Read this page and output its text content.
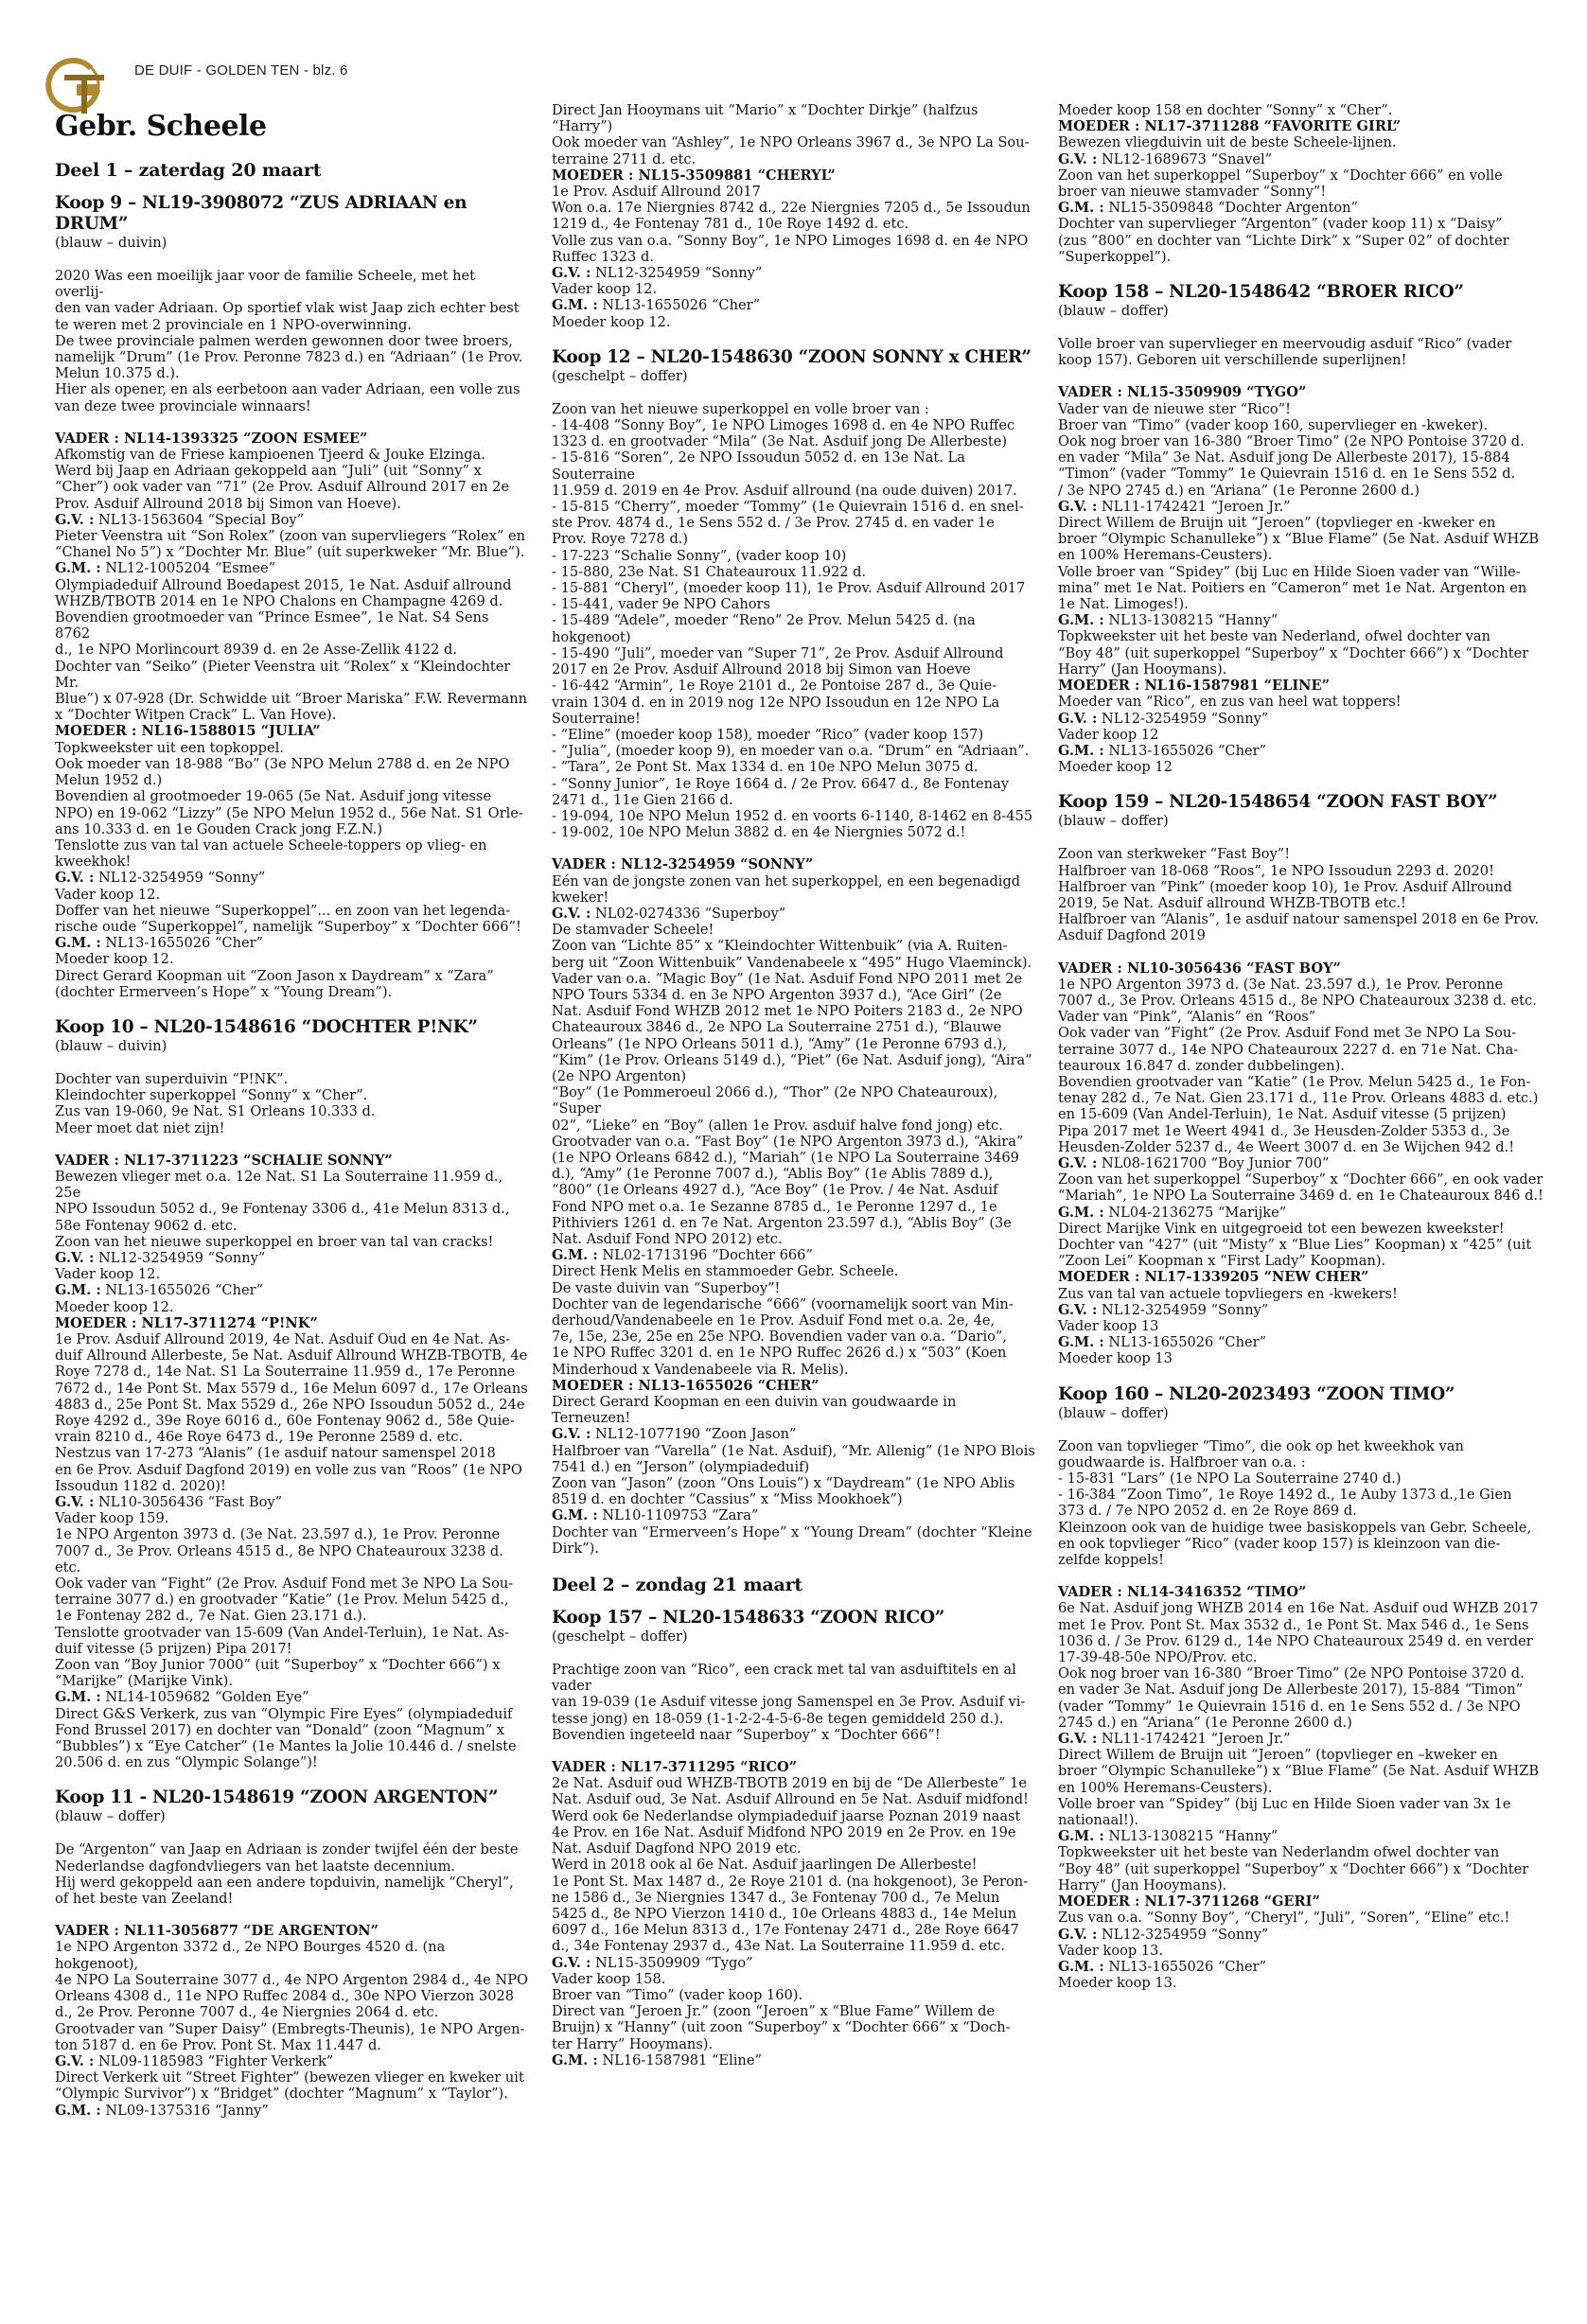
DE DUIF - GOLDEN TEN - blz. 6
Gebr. Scheele
Deel 1 – zaterdag 20 maart
Koop 9 – NL19-3908072 “ZUS ADRIAAN en DRUM”
(blauw – duivin)

2020 Was een moeilijk jaar voor de familie Scheele, met het overlij-

den van vader Adriaan. Op sportief vlak wist Jaap zich echter best

te weren met 2 provinciale en 1 NPO-overwinning.

De twee provinciale palmen werden gewonnen door twee broers,

namelijk “Drum” (1e Prov. Peronne 7823 d.) en “Adriaan” (1e Prov.

Melun 10.375 d.).

Hier als opener, en als eerbetoon aan vader Adriaan, een volle zus

van deze twee provinciale winnaars!

VADER : NL14-1393325 “ZOON ESMEE”

Afkomstig van de Friese kampioenen Tjeerd & Jouke Elzinga.

Werd bij Jaap en Adriaan gekoppeld aan “Juli” (uit “Sonny” x

“Cher”) ook vader van “71” (2e Prov. Asduif Allround 2017 en 2e

Prov. Asduif Allround 2018 bij Simon van Hoeve).

G.V. : NL13-1563604 “Special Boy”

Pieter Veenstra uit “Son Rolex” (zoon van supervliegers “Rolex” en

“Chanel No 5”) x “Dochter Mr. Blue” (uit superkweker “Mr. Blue”).

G.M. : NL12-1005204 “Esmee”

Olympiadeduif Allround Boedapest 2015, 1e Nat. Asduif allround

WHZB/TBOTB 2014 en 1e NPO Chalons en Champagne 4269 d.

Bovendien grootmoeder van “Prince Esmee”, 1e Nat. S4 Sens 8762

d., 1e NPO Morlincourt 8939 d. en 2e Asse-Zellik 4122 d.

Dochter van “Seiko” (Pieter Veenstra uit “Rolex” x “Kleindochter Mr.

Blue”) x 07-928 (Dr. Schwidde uit “Broer Mariska” F.W. Revermann

x “Dochter Witpen Crack” L. Van Hove).

MOEDER : NL16-1588015 “JULIA”

Topkweekster uit een topkoppel.

Ook moeder van 18-988 “Bo” (3e NPO Melun 2788 d. en 2e NPO

Melun 1952 d.)

Bovendien al grootmoeder 19-065 (5e Nat. Asduif jong vitesse

NPO) en 19-062 “Lizzy” (5e NPO Melun 1952 d., 56e Nat. S1 Orle-

ans 10.333 d. en 1e Gouden Crack jong F.Z.N.)

Tenslotte zus van tal van actuele Scheele-toppers op vlieg- en

kweekhok!

G.V. : NL12-3254959 “Sonny”

Vader koop 12.

Doffer van het nieuwe “Superkoppel”... en zoon van het legenda-

rische oude “Superkoppel”, namelijk “Superboy” x “Dochter 666”!

G.M. : NL13-1655026 “Cher”

Moeder koop 12.

Direct Gerard Koopman uit “Zoon Jason x Daydream” x “Zara”

(dochter Ermerveen’s Hope” x “Young Dream”).

Koop 10 – NL20-1548616 “DOCHTER P!NK”
(blauw – duivin)

Dochter van superduivin “P!NK”.

Kleindochter superkoppel “Sonny” x “Cher”.

Zus van 19-060, 9e Nat. S1 Orleans 10.333 d.

Meer moet dat niet zijn!

VADER : NL17-3711223 “SCHALIE SONNY”

Bewezen vlieger met o.a. 12e Nat. S1 La Souterraine 11.959 d., 25e

NPO Issoudun 5052 d., 9e Fontenay 3306 d., 41e Melun 8313 d.,

58e Fontenay 9062 d. etc.

Zoon van het nieuwe superkoppel en broer van tal van cracks!

G.V. : NL12-3254959 “Sonny”

Vader koop 12.

G.M. : NL13-1655026 “Cher”

Moeder koop 12.

MOEDER : NL17-3711274 “P!NK”

1e Prov. Asduif Allround 2019, 4e Nat. Asduif Oud en 4e Nat. As-

duif Allround Allerbeste, 5e Nat. Asduif Allround WHZB-TBOTB, 4e

Roye 7278 d., 14e Nat. S1 La Souterraine 11.959 d., 17e Peronne

7672 d., 14e Pont St. Max 5579 d., 16e Melun 6097 d., 17e Orleans

4883 d., 25e Pont St. Max 5529 d., 26e NPO Issoudun 5052 d., 24e

Roye 4292 d., 39e Roye 6016 d., 60e Fontenay 9062 d., 58e Quie-

vrain 8210 d., 46e Roye 6473 d., 19e Peronne 2589 d. etc.

Nestzus van 17-273 “Alanis” (1e asduif natour samenspel 2018

en 6e Prov. Asduif Dagfond 2019) en volle zus van “Roos” (1e NPO

Issoudun 1182 d. 2020)!

G.V. : NL10-3056436 “Fast Boy”

Vader koop 159.

1e NPO Argenton 3973 d. (3e Nat. 23.597 d.), 1e Prov. Peronne

7007 d., 3e Prov. Orleans 4515 d., 8e NPO Chateauroux 3238 d. etc.

Ook vader van “Fight” (2e Prov. Asduif Fond met 3e NPO La Sou-

terraine 3077 d.) en grootvader “Katie” (1e Prov. Melun 5425 d.,

1e Fontenay 282 d., 7e Nat. Gien 23.171 d.).

Tenslotte grootvader van 15-609 (Van Andel-Terluin), 1e Nat. As-

duif vitesse (5 prijzen) Pipa 2017!

Zoon van “Boy Junior 7000” (uit “Superboy” x “Dochter 666”) x

“Marijke” (Marijke Vink).

G.M. : NL14-1059682 “Golden Eye”

Direct G&S Verkerk, zus van “Olympic Fire Eyes” (olympiadeduif

Fond Brussel 2017) en dochter van “Donald” (zoon “Magnum” x

“Bubbles”) x “Eye Catcher” (1e Mantes la Jolie 10.446 d. / snelste

20.506 d. en zus “Olympic Solange”)!

Koop 11 - NL20-1548619 “ZOON ARGENTON”
(blauw – doffer)

De “Argenton” van Jaap en Adriaan is zonder twijfel één der beste

Nederlandse dagfondvliegers van het laatste decennium.

Hij werd gekoppeld aan een andere topduivin, namelijk “Cheryl”,

of het beste van Zeeland!

VADER : NL11-3056877 “DE ARGENTON”

1e NPO Argenton 3372 d., 2e NPO Bourges 4520 d. (na hokgenoot),

4e NPO La Souterraine 3077 d., 4e NPO Argenton 2984 d., 4e NPO

Orleans 4308 d., 11e NPO Ruffec 2084 d., 30e NPO Vierzon 3028

d., 2e Prov. Peronne 7007 d., 4e Niergnies 2064 d. etc.

Grootvader van “Super Daisy” (Embregts-Theunis), 1e NPO Argen-

ton 5187 d. en 6e Prov. Pont St. Max 11.447 d.

G.V. : NL09-1185983 “Fighter Verkerk”

Direct Verkerk uit “Street Fighter” (bewezen vlieger en kweker uit

“Olympic Survivor”) x “Bridget” (dochter “Magnum” x “Taylor”).

G.M. : NL09-1375316 “Janny”

Direct Jan Hooymans uit “Mario” x “Dochter Dirkje” (halfzus “Harry”)

Ook moeder van “Ashley”, 1e NPO Orleans 3967 d., 3e NPO La Sou-

terraine 2711 d. etc.

MOEDER : NL15-3509881 “CHERYL”

1e Prov. Asduif Allround 2017

Won o.a. 17e Niergnies 8742 d., 22e Niergnies 7205 d., 5e Issoudun

1219 d., 4e Fontenay 781 d., 10e Roye 1492 d. etc.

Volle zus van o.a. “Sonny Boy”, 1e NPO Limoges 1698 d. en 4e NPO

Ruffec 1323 d.

G.V. : NL12-3254959 “Sonny”

Vader koop 12.

G.M. : NL13-1655026 “Cher”

Moeder koop 12.

Koop 12 – NL20-1548630 “ZOON SONNY x CHER”
(geschelpt – doffer)

Zoon van het nieuwe superkoppel en volle broer van :

- 14-408 “Sonny Boy”, 1e NPO Limoges 1698 d. en 4e NPO Ruffec

1323 d. en grootvader “Mila” (3e Nat. Asduif jong De Allerbeste)

- 15-816 “Soren”, 2e NPO Issoudun 5052 d. en 13e Nat. La Souterraine

11.959 d. 2019 en 4e Prov. Asduif allround (na oude duiven) 2017.

- 15-815 “Cherry”, moeder “Tommy” (1e Quievrain 1516 d. en snel-

ste Prov. 4874 d., 1e Sens 552 d. / 3e Prov. 2745 d. en vader 1e

Prov. Roye 7278 d.)

- 17-223 “Schalie Sonny”, (vader koop 10)

- 15-880, 23e Nat. S1 Chateauroux 11.922 d.

- 15-881 “Cheryl”, (moeder koop 11), 1e Prov. Asduif Allround 2017

- 15-441, vader 9e NPO Cahors

- 15-489 “Adele”, moeder “Reno” 2e Prov. Melun 5425 d. (na

hokgenoot)

- 15-490 “Juli”, moeder van “Super 71”, 2e Prov. Asduif Allround

2017 en 2e Prov. Asduif Allround 2018 bij Simon van Hoeve

- 16-442 “Armin”, 1e Roye 2101 d., 2e Pontoise 287 d., 3e Quie-

vrain 1304 d. en in 2019 nog 12e NPO Issoudun en 12e NPO La

Souterraine!

- “Eline” (moeder koop 158), moeder “Rico” (vader koop 157)

- “Julia”, (moeder koop 9), en moeder van o.a. “Drum” en “Adriaan”.

- “Tara”, 2e Pont St. Max 1334 d. en 10e NPO Melun 3075 d.

- “Sonny Junior”, 1e Roye 1664 d. / 2e Prov. 6647 d., 8e Fontenay

2471 d., 11e Gien 2166 d.

- 19-094, 10e NPO Melun 1952 d. en voorts 6-1140, 8-1462 en 8-455

- 19-002, 10e NPO Melun 3882 d. en 4e Niergnies 5072 d.!

VADER : NL12-3254959 “SONNY”

Eén van de jongste zonen van het superkoppel, en een begenadigd

kweker!

G.V. : NL02-0274336 “Superboy”

De stamvader Scheele!

Zoon van “Lichte 85” x “Kleindochter Wittenbuik” (via A. Ruiten-

berg uit “Zoon Wittenbuik” Vandenabeele x “495” Hugo Vlaeminck).

Vader van o.a. “Magic Boy” (1e Nat. Asduif Fond NPO 2011 met 2e

NPO Tours 5334 d. en 3e NPO Argenton 3937 d.), “Ace Girl” (2e

Nat. Asduif Fond WHZB 2012 met 1e NPO Poiters 2183 d., 2e NPO

Chateauroux 3846 d., 2e NPO La Souterraine 2751 d.), “Blauwe

Orleans” (1e NPO Orleans 5011 d.), “Amy” (1e Peronne 6793 d.),

“Kim” (1e Prov. Orleans 5149 d.), “Piet” (6e Nat. Asduif jong), “Aira”

(2e NPO Argenton)

“Boy” (1e Pommeroeul 2066 d.), “Thor” (2e NPO Chateauroux), “Super

02”, “Lieke” en “Boy” (allen 1e Prov. asduif halve fond jong) etc.

Grootvader van o.a. “Fast Boy” (1e NPO Argenton 3973 d.), “Akira”

(1e NPO Orleans 6842 d.), “Mariah” (1e NPO La Souterraine 3469

d.), “Amy” (1e Peronne 7007 d.), “Ablis Boy” (1e Ablis 7889 d.),

“800” (1e Orleans 4927 d.), “Ace Boy” (1e Prov. / 4e Nat. Asduif

Fond NPO met o.a. 1e Sezanne 8785 d., 1e Peronne 1297 d., 1e

Pithiviers 1261 d. en 7e Nat. Argenton 23.597 d.), “Ablis Boy” (3e

Nat. Asduif Fond NPO 2012) etc.

G.M. : NL02-1713196 “Dochter 666”

Direct Henk Melis en stammoeder Gebr. Scheele.

De vaste duivin van “Superboy”!

Dochter van de legendarische “666” (voornamelijk soort van Min-

derhoud/Vandenabeele en 1e Prov. Asduif Fond met o.a. 2e, 4e,

7e, 15e, 23e, 25e en 25e NPO. Bovendien vader van o.a. “Dario”,

1e NPO Ruffec 3201 d. en 1e NPO Ruffec 2626 d.) x “503” (Koen

Minderhoud x Vandenabeele via R. Melis).

MOEDER : NL13-1655026 “CHER”

Direct Gerard Koopman en een duivin van goudwaarde in Terneuzen!

G.V. : NL12-1077190 “Zoon Jason”

Halfbroer van “Varella” (1e Nat. Asduif), “Mr. Allenig” (1e NPO Blois

7541 d.) en “Jerson” (olympiadeduif)

Zoon van “Jason” (zoon “Ons Louis”) x “Daydream” (1e NPO Ablis

8519 d. en dochter “Cassius” x “Miss Mookhoek”)

G.M. : NL10-1109753 “Zara”

Dochter van “Ermerveen’s Hope” x “Young Dream” (dochter “Kleine

Dirk”).

Deel 2 – zondag 21 maart
Koop 157 – NL20-1548633 “ZOON RICO”
(geschelpt – doffer)

Prachtige zoon van “Rico”, een crack met tal van asduiftitels en al vader

van 19-039 (1e Asduif vitesse jong Samenspel en 3e Prov. Asduif vi-

tesse jong) en 18-059 (1-1-2-2-4-5-6-8e tegen gemiddeld 250 d.).

Bovendien ingeteeld naar “Superboy” x “Dochter 666”!

VADER : NL17-3711295 “RICO”

2e Nat. Asduif oud WHZB-TBOTB 2019 en bij de “De Allerbeste” 1e

Nat. Asduif oud, 3e Nat. Asduif Allround en 5e Nat. Asduif midfond!

Werd ook 6e Nederlandse olympiadeduif jaarse Poznan 2019 naast

4e Prov. en 16e Nat. Asduif Midfond NPO 2019 en 2e Prov. en 19e

Nat. Asduif Dagfond NPO 2019 etc.

Werd in 2018 ook al 6e Nat. Asduif jaarlingen De Allerbeste!

1e Pont St. Max 1487 d., 2e Roye 2101 d. (na hokgenoot), 3e Peron-

ne 1586 d., 3e Niergnies 1347 d., 3e Fontenay 700 d., 7e Melun

5425 d., 8e NPO Vierzon 1410 d., 10e Orleans 4883 d., 14e Melun

6097 d., 16e Melun 8313 d., 17e Fontenay 2471 d., 28e Roye 6647

d., 34e Fontenay 2937 d., 43e Nat. La Souterraine 11.959 d. etc.

G.V. : NL15-3509909 “Tygo”

Vader koop 158.

Broer van “Timo” (vader koop 160).

Direct van “Jeroen Jr.” (zoon “Jeroen” x “Blue Fame” Willem de

Bruijn) x “Hanny” (uit zoon “Superboy” x “Dochter 666” x “Doch-

ter Harry” Hooymans).

G.M. : NL16-1587981 “Eline”

Moeder koop 158 en dochter “Sonny” x “Cher”.

MOEDER : NL17-3711288 “FAVORITE GIRL”

Bewezen vliegduivin uit de beste Scheele-lijnen.

G.V. : NL12-1689673 “Snavel”

Zoon van het superkoppel “Superboy” x “Dochter 666” en volle

broer van nieuwe stamvader “Sonny”!

G.M. : NL15-3509848 “Dochter Argenton”

Dochter van supervlieger “Argenton” (vader koop 11) x “Daisy”

(zus “800” en dochter van “Lichte Dirk” x “Super 02” of dochter

“Superkoppel”).

Koop 158 – NL20-1548642 “BROER RICO”
(blauw – doffer)

Volle broer van supervlieger en meervoudig asduif “Rico” (vader

koop 157). Geboren uit verschillende superlijnen!

VADER : NL15-3509909 “TYGO”

Vader van de nieuwe ster “Rico”!

Broer van “Timo” (vader koop 160, supervlieger en -kweker).

Ook nog broer van 16-380 “Broer Timo” (2e NPO Pontoise 3720 d.

en vader “Mila” 3e Nat. Asduif jong De Allerbeste 2017), 15-884

“Timon” (vader “Tommy” 1e Quievrain 1516 d. en 1e Sens 552 d.

/ 3e NPO 2745 d.) en “Ariana” (1e Peronne 2600 d.)

G.V. : NL11-1742421 “Jeroen Jr.”

Direct Willem de Bruijn uit “Jeroen” (topvlieger en -kweker en

broer “Olympic Schanulleke”) x “Blue Flame” (5e Nat. Asduif WHZB

en 100% Heremans-Ceusters).

Volle broer van “Spidey” (bij Luc en Hilde Sioen vader van “Wille-

mina” met 1e Nat. Poitiers en “Cameron” met 1e Nat. Argenton en

1e Nat. Limoges!).

G.M. : NL13-1308215 “Hanny”

Topkweekster uit het beste van Nederland, ofwel dochter van

“Boy 48” (uit superkoppel “Superboy” x “Dochter 666”) x “Dochter

Harry” (Jan Hooymans).

MOEDER : NL16-1587981 “ELINE”

Moeder van “Rico”, en zus van heel wat toppers!

G.V. : NL12-3254959 “Sonny”

Vader koop 12

G.M. : NL13-1655026 “Cher”

Moeder koop 12

Koop 159 – NL20-1548654 “ZOON FAST BOY”
(blauw – doffer)

Zoon van sterkweker “Fast Boy”!

Halfbroer van 18-068 “Roos”, 1e NPO Issoudun 2293 d. 2020!

Halfbroer van “Pink” (moeder koop 10), 1e Prov. Asduif Allround

2019, 5e Nat. Asduif allround WHZB-TBOTB etc.!

Halfbroer van “Alanis”, 1e asduif natour samenspel 2018 en 6e Prov.

Asduif Dagfond 2019

VADER : NL10-3056436 “FAST BOY”

1e NPO Argenton 3973 d. (3e Nat. 23.597 d.), 1e Prov. Peronne

7007 d., 3e Prov. Orleans 4515 d., 8e NPO Chateauroux 3238 d. etc.

Vader van “Pink”, “Alanis” en “Roos”

Ook vader van “Fight” (2e Prov. Asduif Fond met 3e NPO La Sou-

terraine 3077 d., 14e NPO Chateauroux 2227 d. en 71e Nat. Cha-

teauroux 16.847 d. zonder dubbelingen).

Bovendien grootvader van “Katie” (1e Prov. Melun 5425 d., 1e Fon-

tenay 282 d., 7e Nat. Gien 23.171 d., 11e Prov. Orleans 4883 d. etc.)

en 15-609 (Van Andel-Terluin), 1e Nat. Asduif vitesse (5 prijzen)

Pipa 2017 met 1e Weert 4941 d., 3e Heusden-Zolder 5353 d., 3e

Heusden-Zolder 5237 d., 4e Weert 3007 d. en 3e Wijchen 942 d.!

G.V. : NL08-1621700 “Boy Junior 700”

Zoon van het superkoppel “Superboy” x “Dochter 666”, en ook vader

“Mariah”, 1e NPO La Souterraine 3469 d. en 1e Chateauroux 846 d.!

G.M. : NL04-2136275 “Marijke”

Direct Marijke Vink en uitgegroeid tot een bewezen kweekster!

Dochter van “427” (uit “Misty” x “Blue Lies” Koopman) x “425” (uit

“Zoon Lei” Koopman x “First Lady” Koopman).

MOEDER : NL17-1339205 “NEW CHER”

Zus van tal van actuele topvliegers en -kwekers!

G.V. : NL12-3254959 “Sonny”

Vader koop 13

G.M. : NL13-1655026 “Cher”

Moeder koop 13

Koop 160 – NL20-2023493 “ZOON TIMO”
(blauw – doffer)

Zoon van topvlieger “Timo”, die ook op het kweekhok van

goudwaarde is. Halfbroer van o.a. :

- 15-831 “Lars” (1e NPO La Souterraine 2740 d.)

- 16-384 “Zoon Timo”, 1e Roye 1492 d., 1e Auby 1373 d.,1e Gien

373 d. / 7e NPO 2052 d. en 2e Roye 869 d.

Kleinzoon ook van de huidige twee basiskoppels van Gebr. Scheele,

en ook topvlieger “Rico” (vader koop 157) is kleinzoon van die-

zelfde koppels!

VADER : NL14-3416352 “TIMO”

6e Nat. Asduif jong WHZB 2014 en 16e Nat. Asduif oud WHZB 2017

met 1e Prov. Pont St. Max 3532 d., 1e Pont St. Max 546 d., 1e Sens

1036 d. / 3e Prov. 6129 d., 14e NPO Chateauroux 2549 d. en verder

17-39-48-50e NPO/Prov. etc.

Ook nog broer van 16-380 “Broer Timo” (2e NPO Pontoise 3720 d.

en vader 3e Nat. Asduif jong De Allerbeste 2017), 15-884 “Timon”

(vader “Tommy” 1e Quievrain 1516 d. en 1e Sens 552 d. / 3e NPO

2745 d.) en “Ariana” (1e Peronne 2600 d.)

G.V. : NL11-1742421 “Jeroen Jr.”

Direct Willem de Bruijn uit “Jeroen” (topvlieger en –kweker en

broer “Olympic Schanulleke”) x “Blue Flame” (5e Nat. Asduif WHZB

en 100% Heremans-Ceusters).

Volle broer van “Spidey” (bij Luc en Hilde Sioen vader van 3x 1e

nationaal!).

G.M. : NL13-1308215 “Hanny”

Topkweekster uit het beste van Nederlandm ofwel dochter van

“Boy 48” (uit superkoppel “Superboy” x “Dochter 666”) x “Dochter

Harry” (Jan Hooymans).

MOEDER : NL17-3711268 “GERI”

Zus van o.a. “Sonny Boy”, “Cheryl”, “Juli”, “Soren”, “Eline” etc.!

G.V. : NL12-3254959 “Sonny”

Vader koop 13.

G.M. : NL13-1655026 “Cher”

Moeder koop 13.
